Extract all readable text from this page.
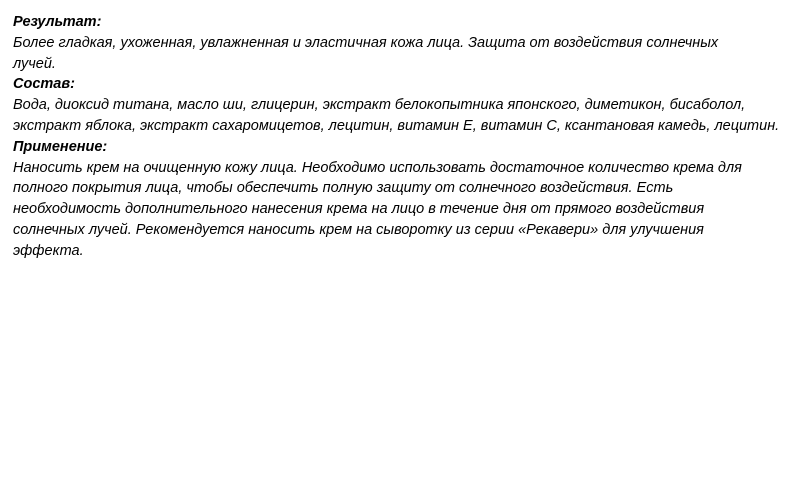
Результат:
Более гладкая, ухоженная, увлажненная и эластичная кожа лица. Защита от воздействия солнечных лучей.
Состав:
Вода, диоксид титана, масло ши, глицерин, экстракт белокопытника японского, диметикон, бисаболол, экстракт яблока, экстракт сахаромицетов, лецитин, витамин Е, витамин С, ксантановая камедь, лецитин.
Применение:
Наносить крем на очищенную кожу лица. Необходимо использовать достаточное количество крема для полного покрытия лица, чтобы обеспечить полную защиту от солнечного воздействия. Есть необходимость дополнительного нанесения крема на лицо в течение дня от прямого воздействия солнечных лучей. Рекомендуется наносить крем на сыворотку из серии «Рекавери» для улучшения эффекта.
